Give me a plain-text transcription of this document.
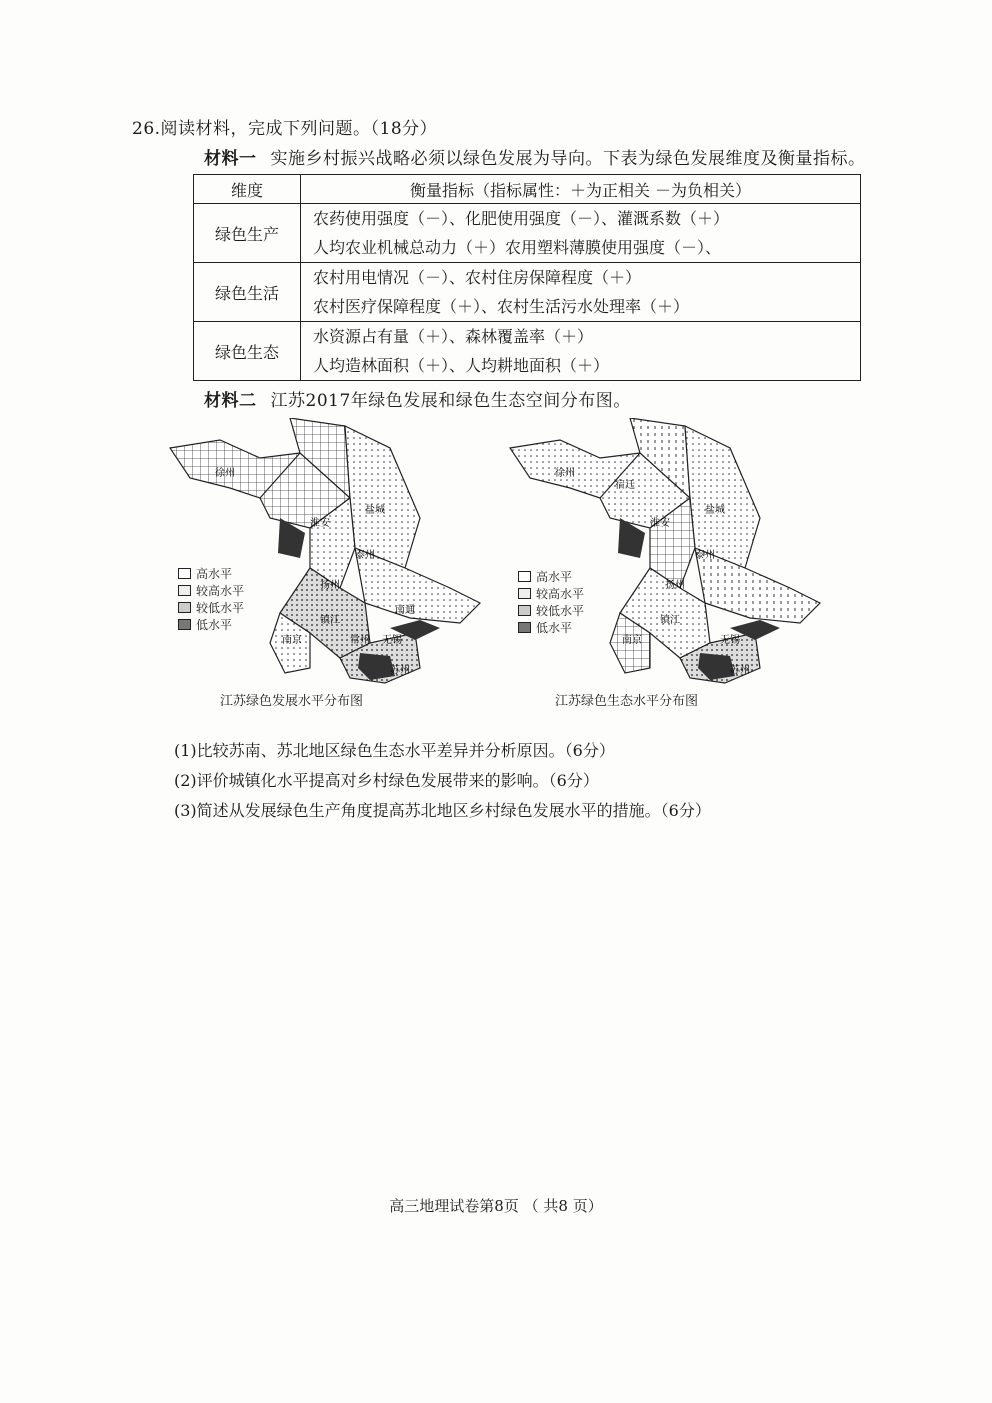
26.阅读材料，完成下列问题。（18分）
材料一 实施乡村振兴战略必须以绿色发展为导向。下表为绿色发展维度及衡量指标。
维度	衡量指标（指标属性：＋为正相关 －为负相关）
绿色生产	农药使用强度（－）、化肥使用强度（－）、灌溉系数（＋）
人均农业机械总动力（＋）农用塑料薄膜使用强度（－）、

绿色生活	农村用电情况（－）、农村住房保障程度（＋）
农村医疗保障程度（＋）、农村生活污水处理率（＋）

绿色生态	水资源占有量（＋）、森林覆盖率（＋）
人均造林面积（＋）、人均耕地面积（＋）
材料二 江苏2017年绿色发展和绿色生态空间分布图。
徐州
淮安
盐城
泰州
扬州
南通
南京
镇江
无锡
常州
苏州
高水平
较高水平
较低水平
低水平
江苏绿色发展水平分布图
徐州
宿迁
淮安
盐城
泰州
扬州
南京
镇江
无锡
苏州
高水平
较高水平
较低水平
低水平
江苏绿色生态水平分布图
(1)比较苏南、苏北地区绿色生态水平差异并分析原因。（6分）
(2)评价城镇化水平提高对乡村绿色发展带来的影响。（6分）
(3)简述从发展绿色生产角度提高苏北地区乡村绿色发展水平的措施。（6分）
高三地理试卷第8页 （ 共8 页）
